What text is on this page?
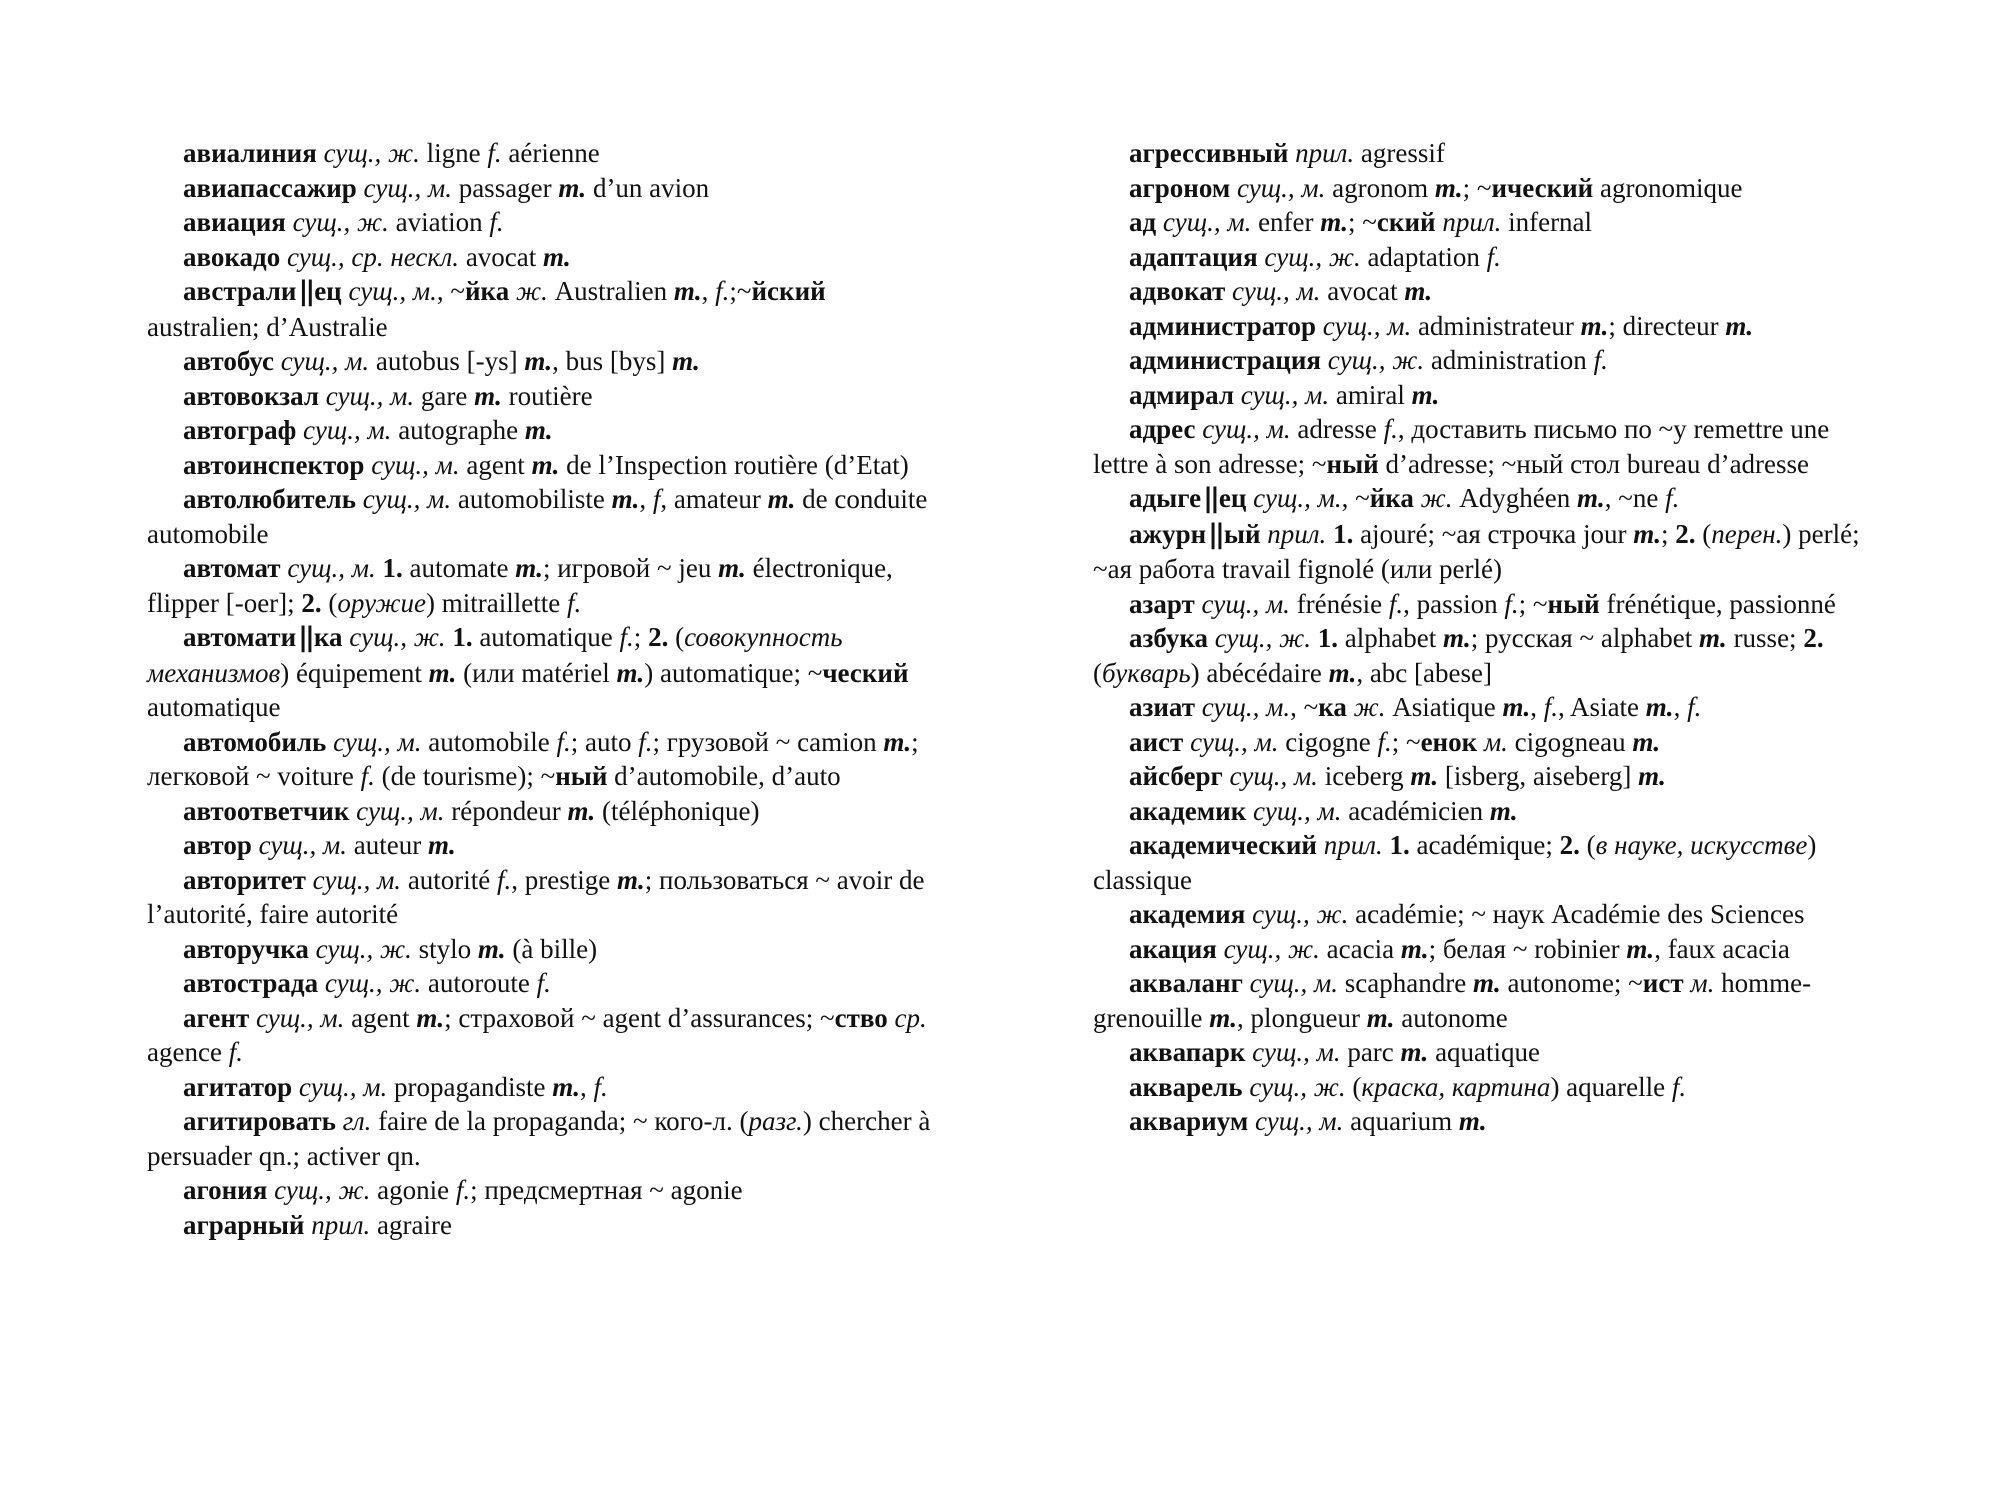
авиалиния сущ., ж. ligne f. aérienne

авиапассажир сущ., м. passager m. d’un avion

авиация сущ., ж. aviation f.

авокадо сущ., ср. нескл. avocat m.

австрали||ец сущ., м., ~йка ж. Australien m., f.;~йский australien; d’Australie

автобус сущ., м. autobus [-ys] m., bus [bys] m.

автовокзал сущ., м. gare m. routière

автограф сущ., м. autographe m.

автоинспектор сущ., м. agent m. de l’Inspection routière (d’Etat)

автолюбитель сущ., м. automobiliste m., f, amateur m. de conduite automobile

автомат сущ., м. 1. automate m.; игровой ~ jeu m. électronique, flipper [-oer]; 2. (оружие) mitraillette f.

автомати||ка сущ., ж. 1. automatique f.; 2. (совокупность механизмов) équipement m. (или matériel m.) automatique; ~ческий automatique

автомобиль сущ., м. automobile f.; auto f.; грузовой ~ camion m.; легковой ~ voiture f. (de tourisme); ~ный d’automobile, d’auto

автоответчик сущ., м. répondeur m. (téléphonique)

автор сущ., м. auteur m.

авторитет сущ., м. autorité f., prestige m.; пользоваться ~ avoir de l’autorité, faire autorité

авторучка сущ., ж. stylo m. (à bille)

автострада сущ., ж. autoroute f.

агент сущ., м. agent m.; страховой ~ agent d’assurances; ~ство ср. agence f.

агитатор сущ., м. propagandiste m., f.

агитировать гл. faire de la propaganda; ~ кого-л. (разг.) chercher à persuader qn.; activer qn.

агония сущ., ж. agonie f.; предсмертная ~ agonie

аграрный прил. agraire

агрессивный прил. agressif

агроном сущ., м. agronom m.; ~ический agronomique

ад сущ., м. enfer m.; ~ский прил. infernal

адаптация сущ., ж. adaptation f.

адвокат сущ., м. avocat m.

администратор сущ., м. administrateur m.; directeur m.

администрация сущ., ж. administration f.

адмирал сущ., м. amiral m.

адрес сущ., м. adresse f., доставить письмо по ~у remettre une lettre à son adresse; ~ный d’adresse; ~ный стол bureau d’adresse

адыге||ец сущ., м., ~йка ж. Adyghéen m., ~ne f.

ажурн||ый прил. 1. ajouré; ~ая строчка jour m.; 2. (перен.) perlé; ~ая работа travail fignolé (или perlé)

азарт сущ., м. frénésie f., passion f.; ~ный frénétique, passionné

азбука сущ., ж. 1. alphabet m.; русская ~ alphabet m. russe; 2. (букварь) abécédaire m., abc [abese]

азиат сущ., м., ~ка ж. Asiatique m., f., Asiate m., f.

аист сущ., м. cigogne f.; ~енок м. cigogneau m.

айсберг сущ., м. iceberg m. [isberg, aiseberg] m.

академик сущ., м. académicien m.

академический прил. 1. académique; 2. (в науке, искусстве) classique

академия сущ., ж. académie; ~ наук Académie des Sciences

акация сущ., ж. acacia m.; белая ~ robinier m., faux acacia

акваланг сущ., м. scaphandre m. autonome; ~ист м. homme-grenouille m., plongueur m. autonome

аквапарк сущ., м. parc m. aquatique

акварель сущ., ж. (краска, картина) aquarelle f.

аквариум сущ., м. aquarium m.
